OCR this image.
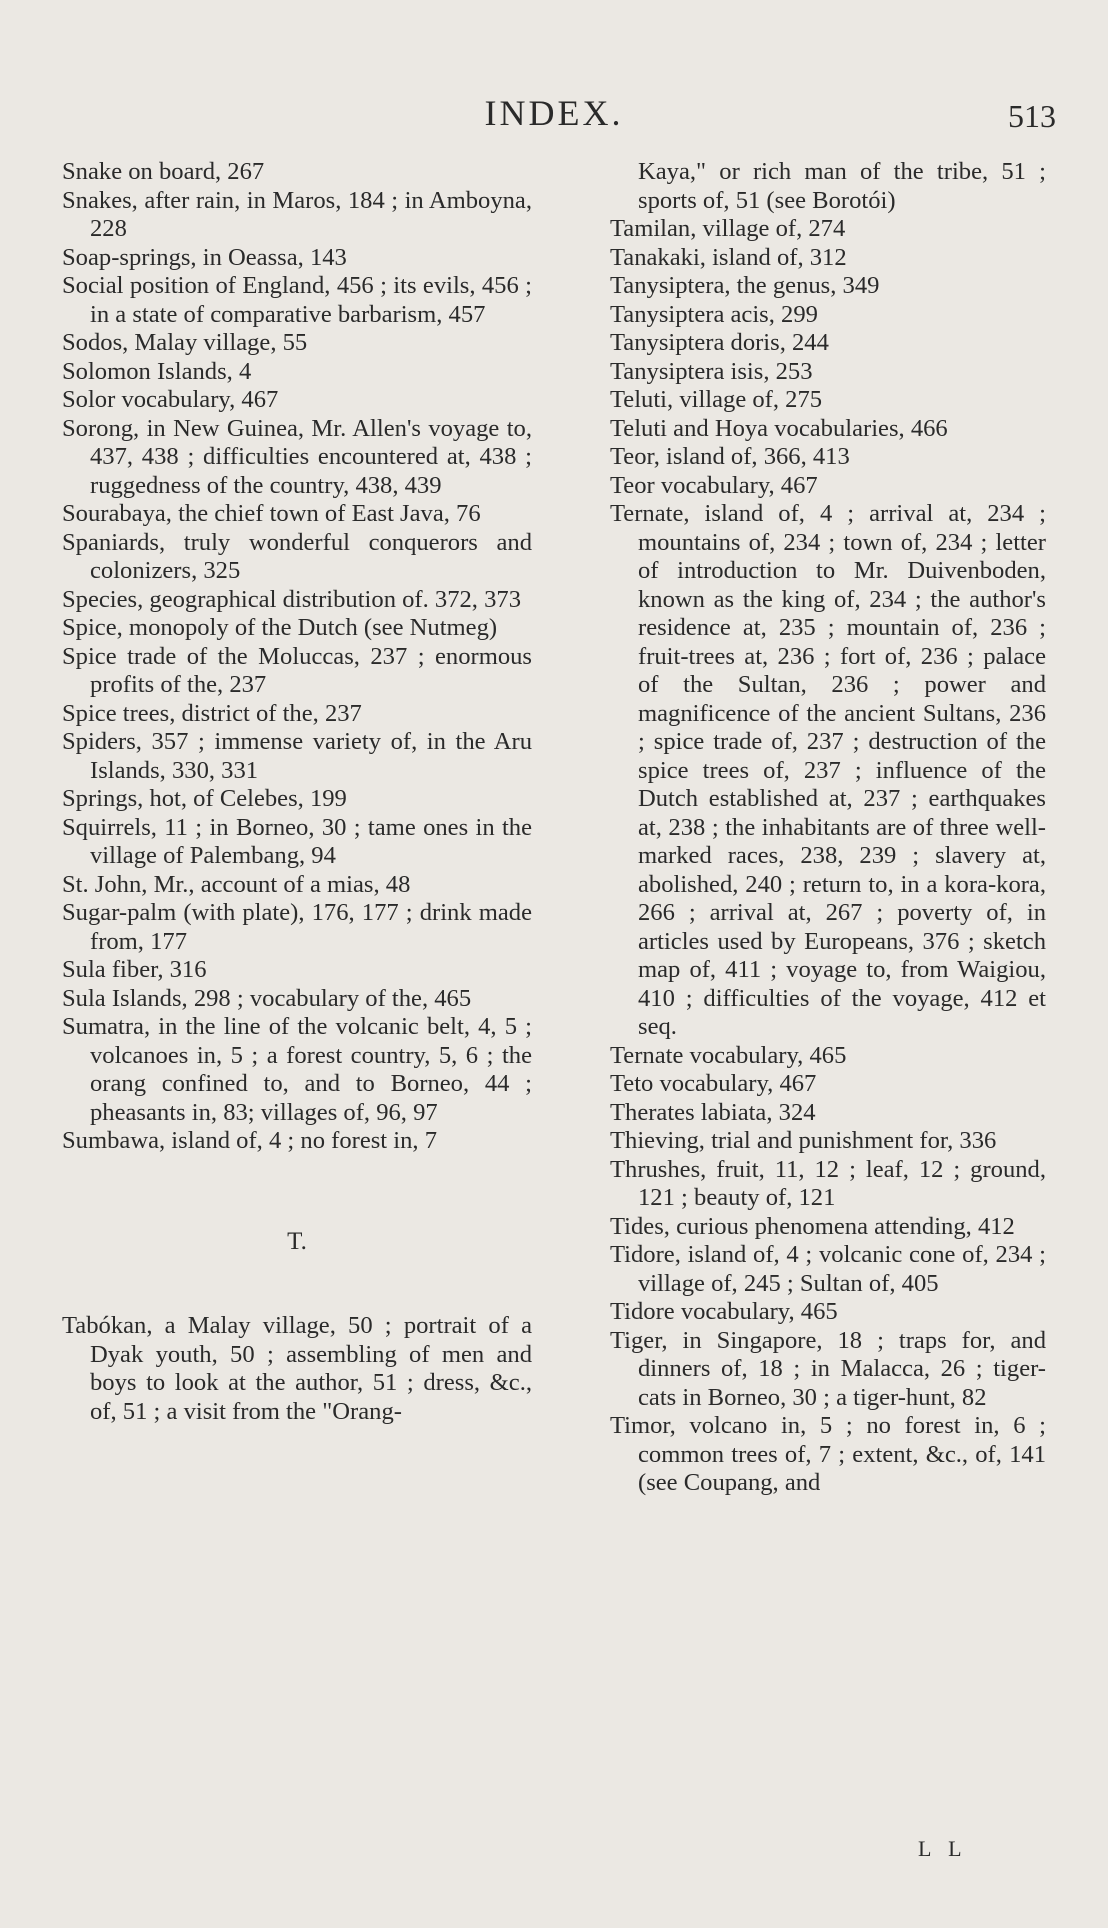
INDEX.	513

Snake on board, 267

Snakes, after rain, in Maros, 184 ; in Amboyna, 228

Soap-springs, in Oeassa, 143

Social position of England, 456 ; its evils, 456 ; in a state of comparative barbarism, 457

Sodos, Malay village, 55

Solomon Islands, 4

Solor vocabulary, 467

Sorong, in New Guinea, Mr. Allen's voyage to, 437, 438 ; difficulties encountered at, 438 ; ruggedness of the country, 438, 439

Sourabaya, the chief town of East Java, 76

Spaniards, truly wonderful conquerors and colonizers, 325

Species, geographical distribution of. 372, 373

Spice, monopoly of the Dutch (see Nutmeg)

Spice trade of the Moluccas, 237 ; enormous profits of the, 237

Spice trees, district of the, 237

Spiders, 357 ; immense variety of, in the Aru Islands, 330, 331

Springs, hot, of Celebes, 199

Squirrels, 11 ; in Borneo, 30 ; tame ones in the village of Palembang, 94

St. John, Mr., account of a mias, 48

Sugar-palm (with plate), 176, 177 ; drink made from, 177

Sula fiber, 316

Sula Islands, 298 ; vocabulary of the, 465

Sumatra, in the line of the volcanic belt, 4, 5 ; volcanoes in, 5 ; a forest country, 5, 6 ; the orang confined to, and to Borneo, 44 ; pheasants in, 83; villages of, 96, 97

Sumbawa, island of, 4 ; no forest in, 7

T.

Tabókan, a Malay village, 50 ; portrait of a Dyak youth, 50 ; assembling of men and boys to look at the author, 51 ; dress, &c., of, 51 ; a visit from the "Orang-

Kaya," or rich man of the tribe, 51 ; sports of, 51 (see Borotói)

Tamilan, village of, 274

Tanakaki, island of, 312

Tanysiptera, the genus, 349

Tanysiptera acis, 299

Tanysiptera doris, 244

Tanysiptera isis, 253

Teluti, village of, 275

Teluti and Hoya vocabularies, 466

Teor, island of, 366, 413

Teor vocabulary, 467

Ternate, island of, 4 ; arrival at, 234 ; mountains of, 234 ; town of, 234 ; letter of introduction to Mr. Duivenboden, known as the king of, 234 ; the author's residence at, 235 ; mountain of, 236 ; fruit-trees at, 236 ; fort of, 236 ; palace of the Sultan, 236 ; power and magnificence of the ancient Sultans, 236 ; spice trade of, 237 ; destruction of the spice trees of, 237 ; influence of the Dutch established at, 237 ; earthquakes at, 238 ; the inhabitants are of three well-marked races, 238, 239 ; slavery at, abolished, 240 ; return to, in a kora-kora, 266 ; arrival at, 267 ; poverty of, in articles used by Europeans, 376 ; sketch map of, 411 ; voyage to, from Waigiou, 410 ; difficulties of the voyage, 412 et seq.

Ternate vocabulary, 465

Teto vocabulary, 467

Therates labiata, 324

Thieving, trial and punishment for, 336

Thrushes, fruit, 11, 12 ; leaf, 12 ; ground, 121 ; beauty of, 121

Tides, curious phenomena attending, 412

Tidore, island of, 4 ; volcanic cone of, 234 ; village of, 245 ; Sultan of, 405

Tidore vocabulary, 465

Tiger, in Singapore, 18 ; traps for, and dinners of, 18 ; in Malacca, 26 ; tiger-cats in Borneo, 30 ; a tiger-hunt, 82

Timor, volcano in, 5 ; no forest in, 6 ; common trees of, 7 ; extent, &c., of, 141 (see Coupang, and

L L
